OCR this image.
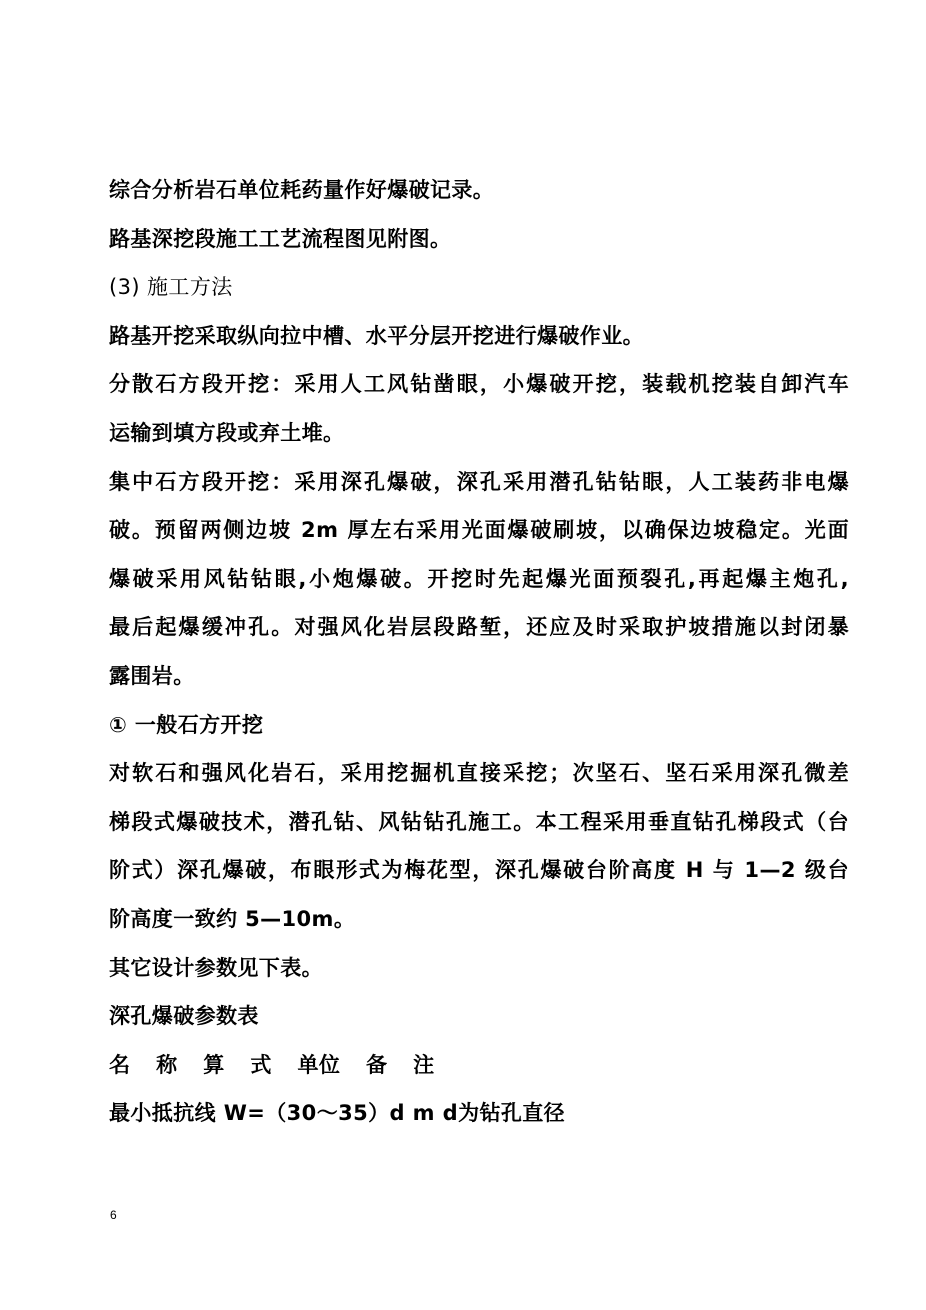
综合分析岩石单位耗药量作好爆破记录。
路基深挖段施工工艺流程图见附图。
(3) 施工方法
路基开挖采取纵向拉中槽、水平分层开挖进行爆破作业。
分散石方段开挖：采用人工风钻凿眼，小爆破开挖，装载机挖装自卸汽车
运输到填方段或弃土堆。
集中石方段开挖：采用深孔爆破，深孔采用潜孔钻钻眼，人工装药非电爆
破。预留两侧边坡 2m 厚左右采用光面爆破刷坡，以确保边坡稳定。光面
爆破采用风钻钻眼,小炮爆破。开挖时先起爆光面预裂孔,再起爆主炮孔,
最后起爆缓冲孔。对强风化岩层段路堑，还应及时采取护坡措施以封闭暴
露围岩。
① 一般石方开挖
对软石和强风化岩石，采用挖掘机直接采挖；次坚石、坚石采用深孔微差
梯段式爆破技术，潜孔钻、风钻钻孔施工。本工程采用垂直钻孔梯段式（台
阶式）深孔爆破，布眼形式为梅花型，深孔爆破台阶高度 H 与 1—2 级台
阶高度一致约 5—10m。
其它设计参数见下表。
深孔爆破参数表
名 称 算 式 单位 备 注
最小抵抗线 W=（30～35）d m d为钻孔直径
6
